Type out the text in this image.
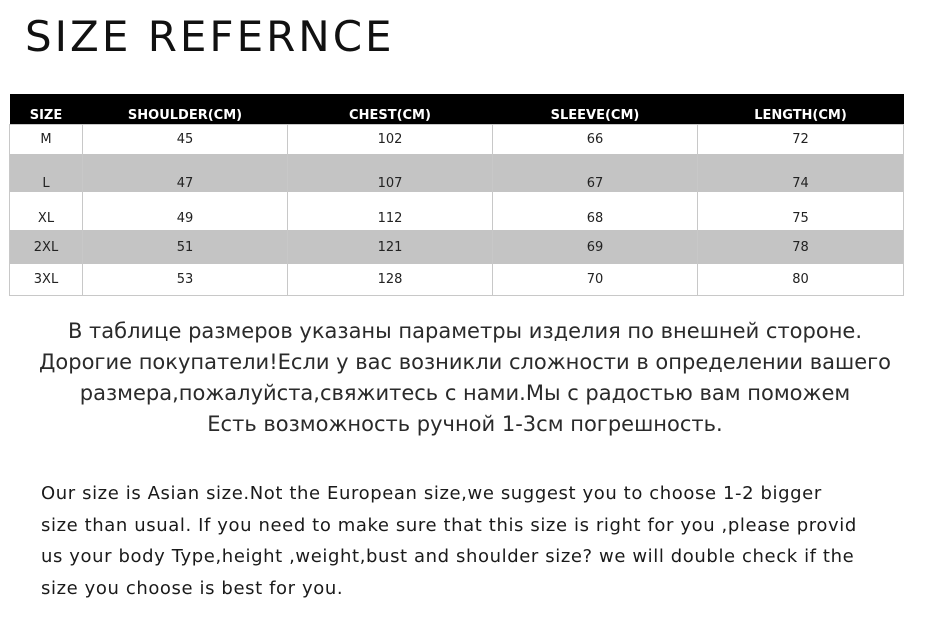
SIZE REFERNCE
SIZE	SHOULDER(CM)	CHEST(CM)	SLEEVE(CM)	LENGTH(CM)
M	45	102	66	72
L	47	107	67	74
XL	49	112	68	75
2XL	51	121	69	78
3XL	53	128	70	80
В таблице размеров указаны параметры изделия по внешней стороне.
Дорогие покупатели!Если у вас возникли сложности в определении вашего
размера,пожалуйста,свяжитесь с нами.Мы с радостью вам поможем
Есть возможность ручной 1-3см погрешность.
Our size is Asian size.Not the European size,we suggest you to choose 1-2 bigger
size than usual. If you need to make sure that this size is right for you ,please provid
us your body Type,height ,weight,bust and shoulder size? we will double check if the
size you choose is best for you.
